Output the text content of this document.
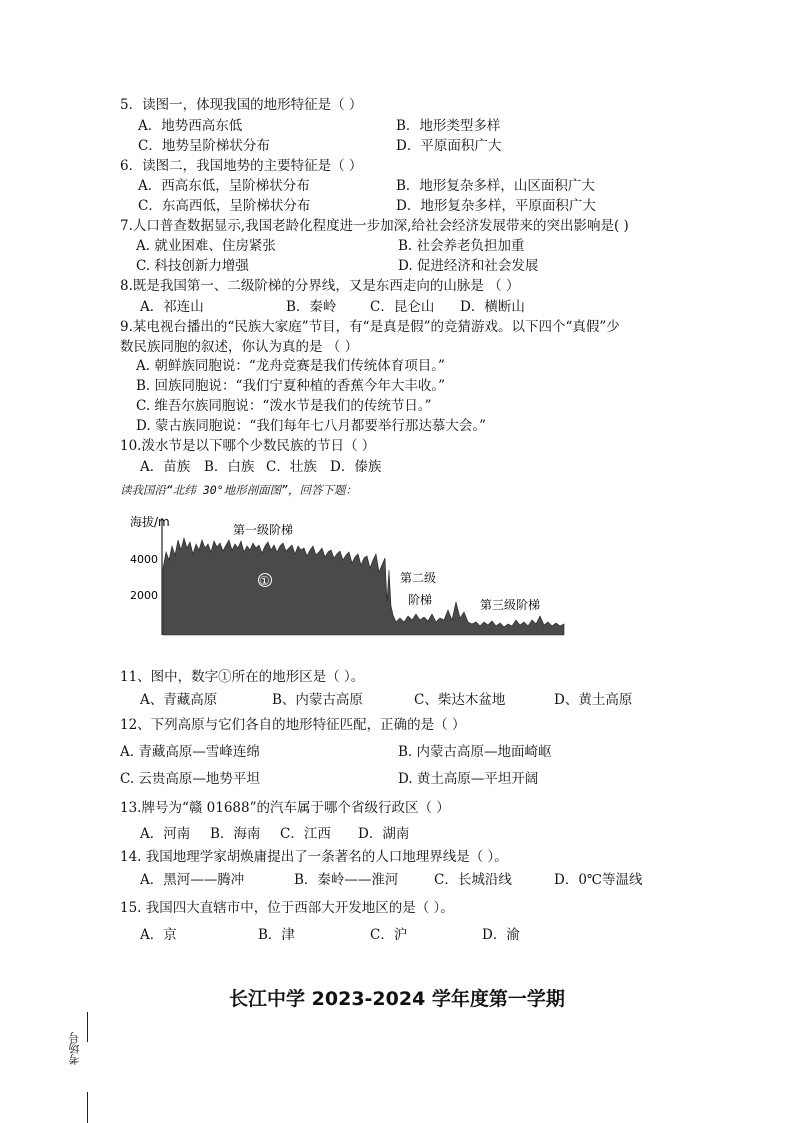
5．读图一，体现我国的地形特征是（ ）
A．地势西高东低	B．地形类型多样
C．地势呈阶梯状分布	D．平原面积广大
6．读图二，我国地势的主要特征是（ ）
A．西高东低，呈阶梯状分布	B．地形复杂多样，山区面积广大
C．东高西低，呈阶梯状分布	D．地形复杂多样，平原面积广大
7.人口普查数据显示,我国老龄化程度进一步加深,给社会经济发展带来的突出影响是( )
A. 就业困难、住房紧张	B. 社会养老负担加重
C. 科技创新力增强	D. 促进经济和社会发展
8.既是我国第一、二级阶梯的分界线，又是东西走向的山脉是 （ ）
A．祁连山	B．秦岭 C．昆仑山 D．横断山
9.某电视台播出的“民族大家庭”节目，有“是真是假”的竞猜游戏。以下四个“真假”少
数民族同胞的叙述，你认为真的是 （ ）
A. 朝鲜族同胞说：“龙舟竞赛是我们传统体育项目。”
B. 回族同胞说：“我们宁夏种植的香蕉今年大丰收。”
C. 维吾尔族同胞说：“泼水节是我们的传统节日。”
D. 蒙古族同胞说：“我们每年七八月都要举行那达慕大会。”
10.泼水节是以下哪个少数民族的节日（ ）
A．苗族 B．白族 C．壮族 D．傣族
读我国沿“北纬 30°地形剖面图”，回答下题：
海拔/m
4000
2000
①
第一级阶梯
第二级
阶梯	第三级阶梯
11、图中，数字①所在的地形区是（ ）。
A、青藏高原	B、内蒙古高原	C、柴达木盆地	D、黄土高原
12、下列高原与它们各自的地形特征匹配，正确的是（ ）
A. 青藏高原—雪峰连绵	B. 内蒙古高原—地面崎岖
C. 云贵高原—地势平坦	D. 黄土高原—平坦开阔
13.牌号为“赣 01688”的汽车属于哪个省级行政区（ ）
A．河南 B．海南 C．江西 D．湖南
14. 我国地理学家胡焕庸提出了一条著名的人口地理界线是（ ）。
A．黑河——腾冲	B．秦岭——淮河	C．长城沿线	D．0℃等温线
15. 我国四大直辖市中，位于西部大开发地区的是（ ）。
A．京	B．津	C．沪	D．渝
长江中学 2023-2024 学年度第一学期
考场号
